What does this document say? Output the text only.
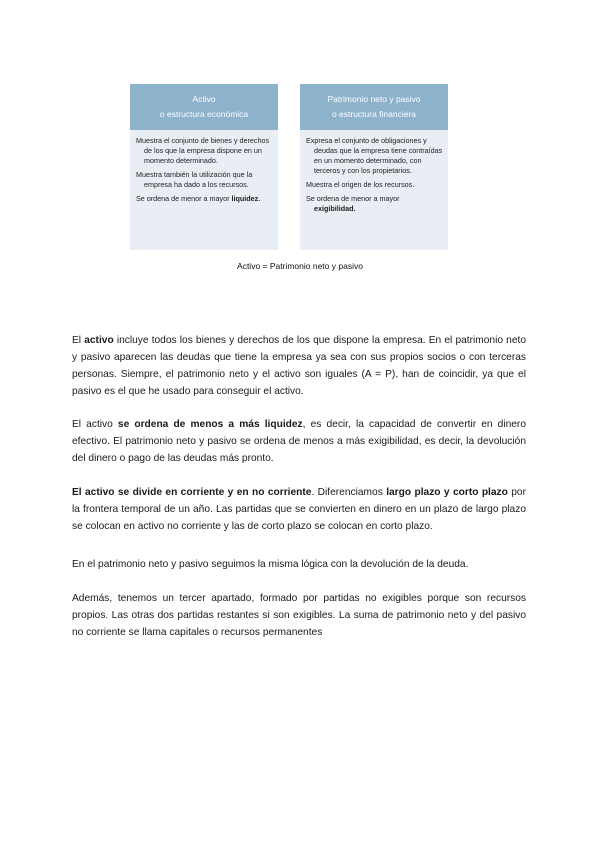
Activo
o estructura económica

Muestra el conjunto de bienes y derechos de los que la empresa dispone en un momento determinado.

Muestra también la utilización que la empresa ha dado a los recursos.

Se ordena de menor a mayor liquidez.

Patrimonio neto y pasivo
o estructura financiera

Expresa el conjunto de obligaciones y deudas que la empresa tiene contraídas en un momento determinado, con terceros y con los propietarios.

Muestra el origen de los recursos.

Se ordena de menor a mayor exigibilidad.

Activo = Patrimonio neto y pasivo
El activo incluye todos los bienes y derechos de los que dispone la empresa. En el patrimonio neto y pasivo aparecen las deudas que tiene la empresa ya sea con sus propios socios o con terceras personas. Siempre, el patrimonio neto y el activo son iguales (A = P), han de coincidir, ya que el pasivo es el que he usado para conseguir el activo.
El activo se ordena de menos a más liquidez, es decir, la capacidad de convertir en dinero efectivo. El patrimonio neto y pasivo se ordena de menos a más exigibilidad, es decir, la devolución del dinero o pago de las deudas más pronto.
El activo se divide en corriente y en no corriente. Diferenciamos largo plazo y corto plazo por la frontera temporal de un año. Las partidas que se convierten en dinero en un plazo de largo plazo se colocan en activo no corriente y las de corto plazo se colocan en corto plazo.
En el patrimonio neto y pasivo seguimos la misma lógica con la devolución de la deuda.
Además, tenemos un tercer apartado, formado por partidas no exigibles porque son recursos propios. Las otras dos partidas restantes si son exigibles. La suma de patrimonio neto y del pasivo no corriente se llama capitales o recursos permanentes
